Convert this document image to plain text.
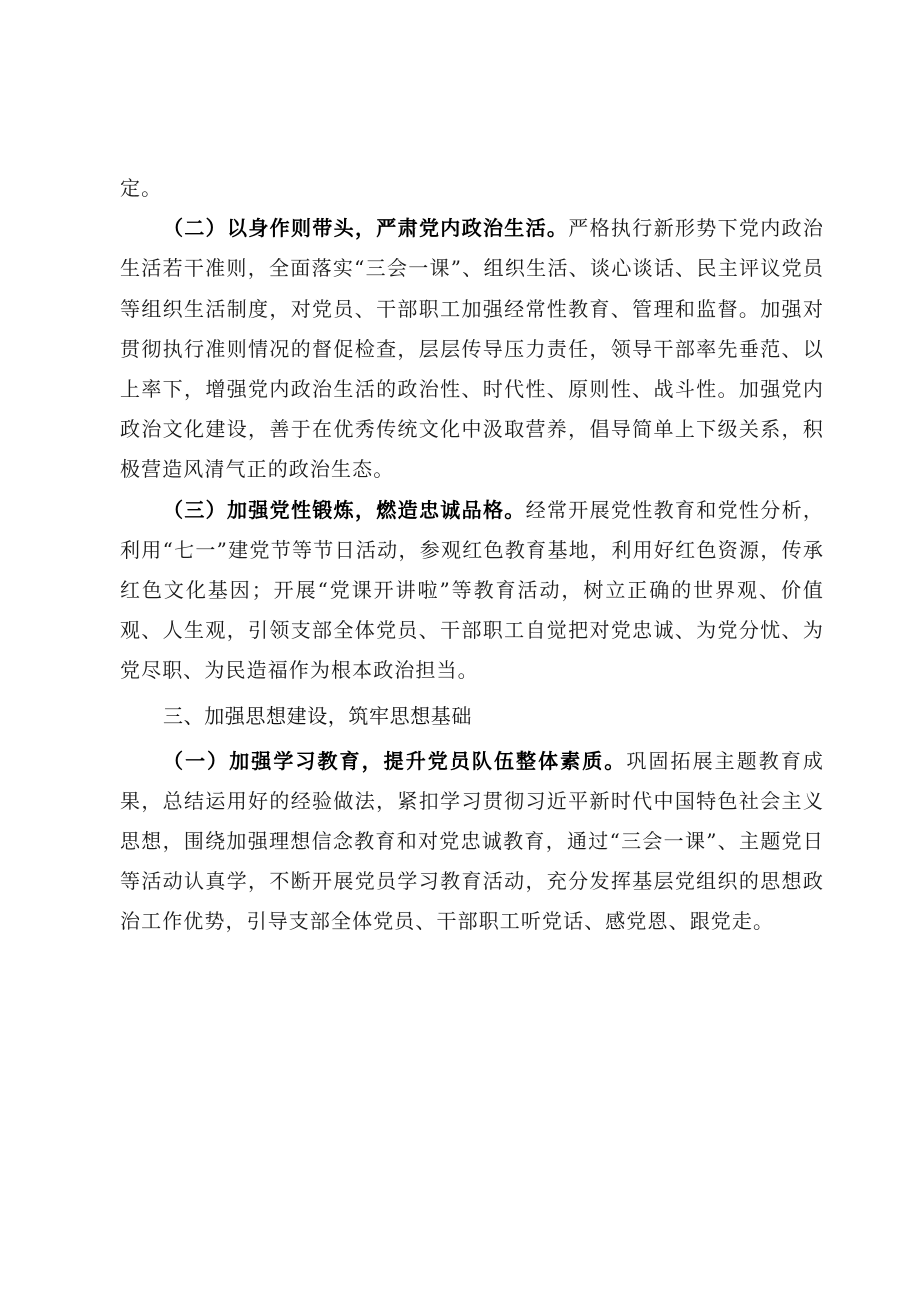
定。

（二）以身作则带头，严肃党内政治生活。严格执行新形势下党内政治生活若干准则，全面落实“三会一课”、组织生活、谈心谈话、民主评议党员等组织生活制度，对党员、干部职工加强经常性教育、管理和监督。加强对贯彻执行准则情况的督促检查，层层传导压力责任，领导干部率先垂范、以上率下，增强党内政治生活的政治性、时代性、原则性、战斗性。加强党内政治文化建设，善于在优秀传统文化中汲取营养，倡导简单上下级关系，积极营造风清气正的政治生态。

（三）加强党性锻炼，燃造忠诚品格。经常开展党性教育和党性分析，利用“七一”建党节等节日活动，参观红色教育基地，利用好红色资源，传承红色文化基因；开展“党课开讲啦”等教育活动，树立正确的世界观、价值观、人生观，引领支部全体党员、干部职工自觉把对党忠诚、为党分忧、为党尽职、为民造福作为根本政治担当。

三、加强思想建设，筑牢思想基础

（一）加强学习教育，提升党员队伍整体素质。巩固拓展主题教育成果，总结运用好的经验做法，紧扣学习贯彻习近平新时代中国特色社会主义思想，围绕加强理想信念教育和对党忠诚教育，通过“三会一课”、主题党日等活动认真学，不断开展党员学习教育活动，充分发挥基层党组织的思想政治工作优势，引导支部全体党员、干部职工听党话、感党恩、跟党走。
